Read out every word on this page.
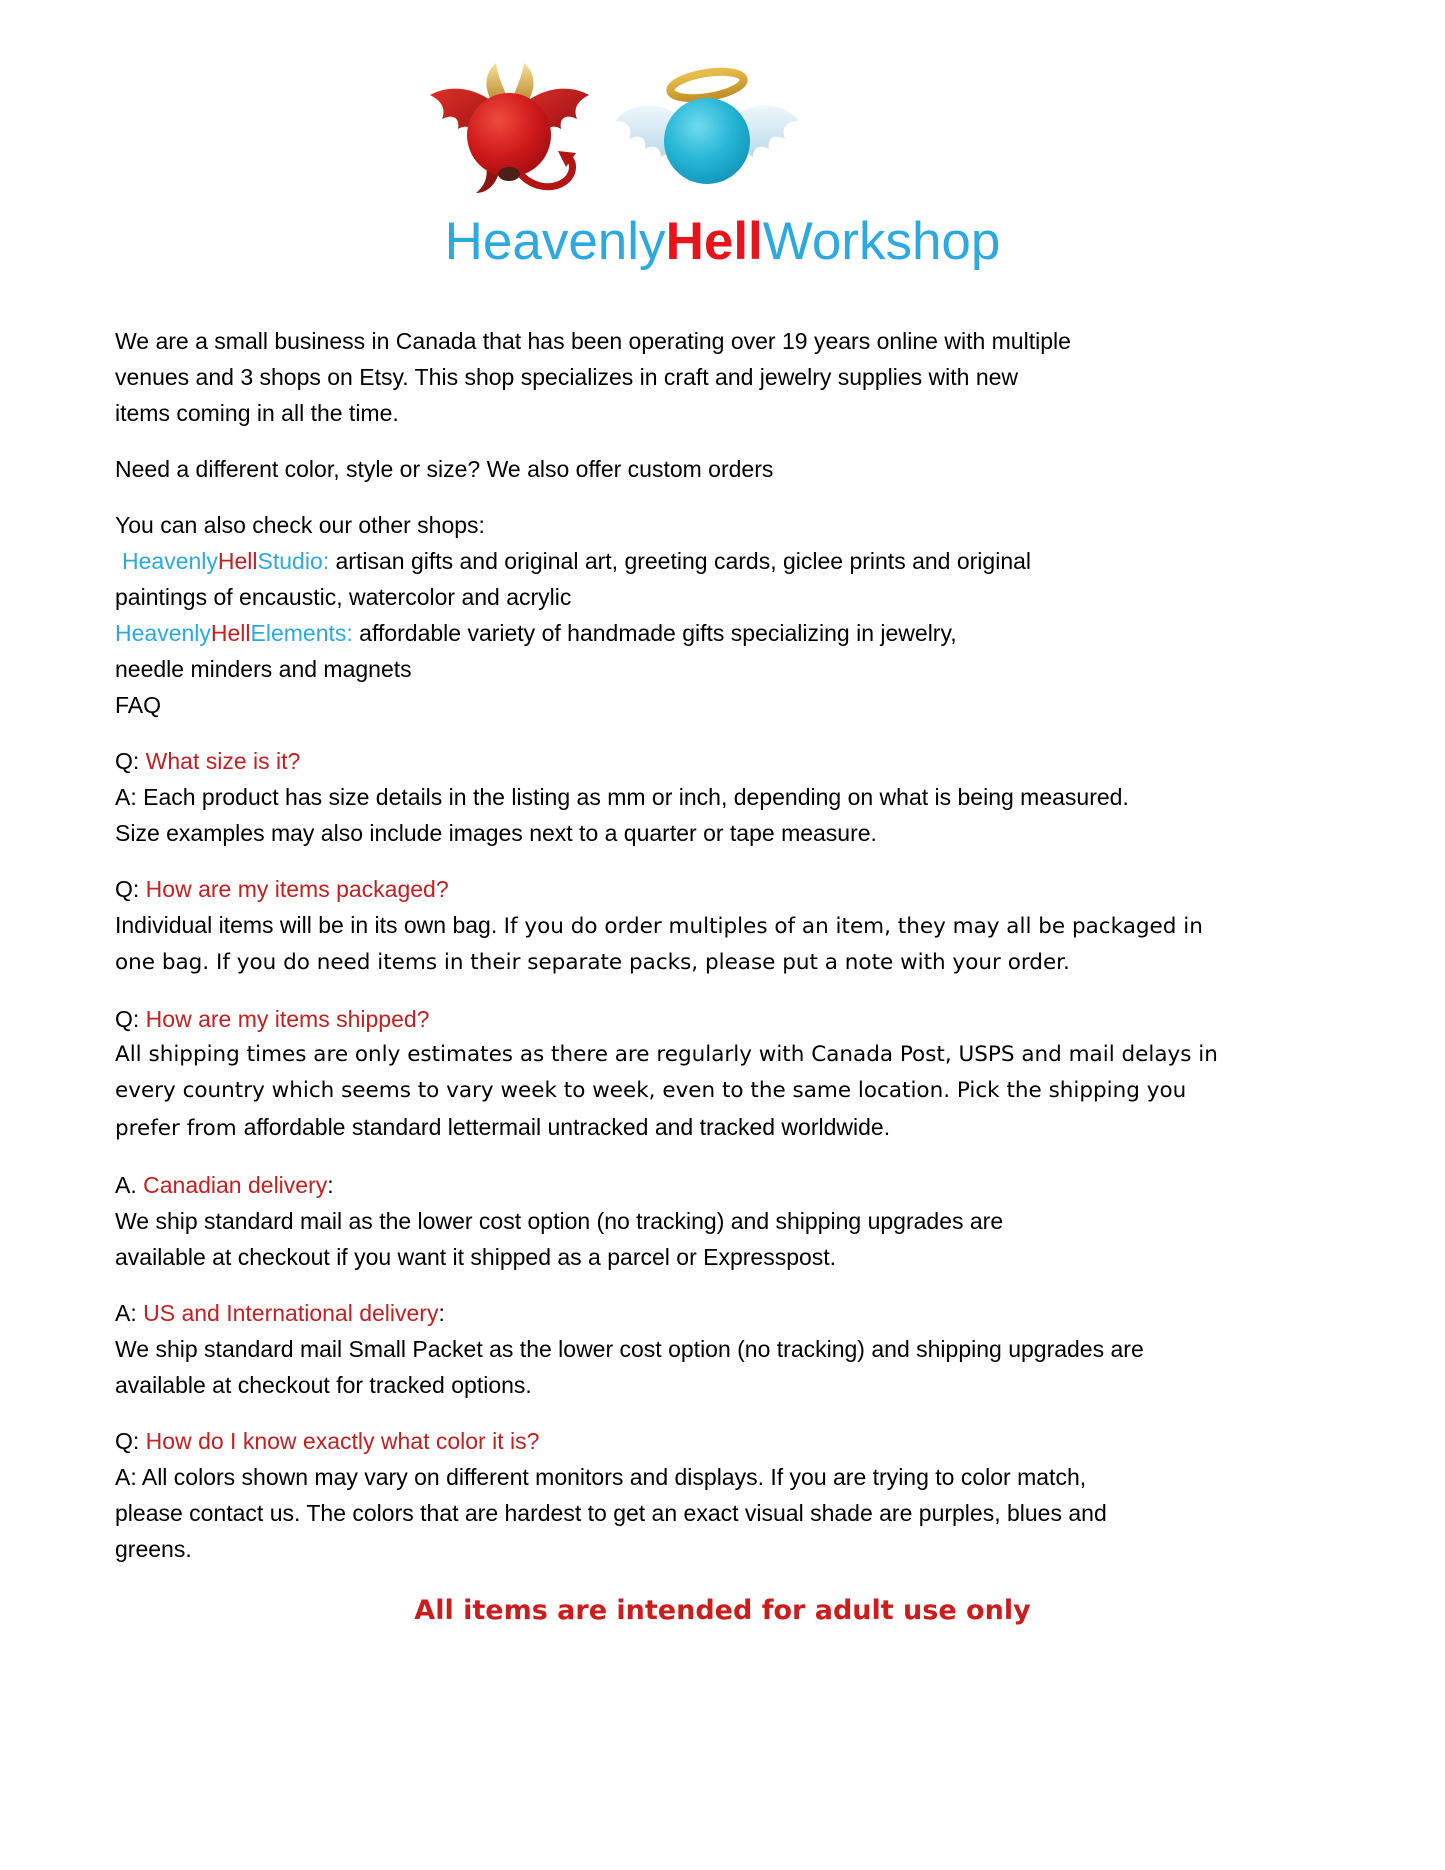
HeavenlyHellWorkshop

We are a small business in Canada that has been operating over 19 years online with multiple
venues and 3 shops on Etsy. This shop specializes in craft and jewelry supplies with new
items coming in all the time.

Need a different color, style or size? We also offer custom orders

You can also check our other shops:
HeavenlyHellStudio: artisan gifts and original art, greeting cards, giclee prints and original
paintings of encaustic, watercolor and acrylic
HeavenlyHellElements: affordable variety of handmade gifts specializing in jewelry,
needle minders and magnets
FAQ

Q: What size is it?
A: Each product has size details in the listing as mm or inch, depending on what is being measured.
Size examples may also include images next to a quarter or tape measure.

Q: How are my items packaged?
Individual items will be in its own bag. If you do order multiples of an item, they may all be packaged in
one bag. If you do need items in their separate packs, please put a note with your order.

Q: How are my items shipped?
All shipping times are only estimates as there are regularly with Canada Post, USPS and mail delays in
every country which seems to vary week to week, even to the same location. Pick the shipping you
prefer from affordable standard lettermail untracked and tracked worldwide.

A. Canadian delivery:
We ship standard mail as the lower cost option (no tracking) and shipping upgrades are
available at checkout if you want it shipped as a parcel or Expresspost.

A: US and International delivery:
We ship standard mail Small Packet as the lower cost option (no tracking) and shipping upgrades are
available at checkout for tracked options.

Q: How do I know exactly what color it is?
A: All colors shown may vary on different monitors and displays. If you are trying to color match,
please contact us. The colors that are hardest to get an exact visual shade are purples, blues and
greens.

All items are intended for adult use only
